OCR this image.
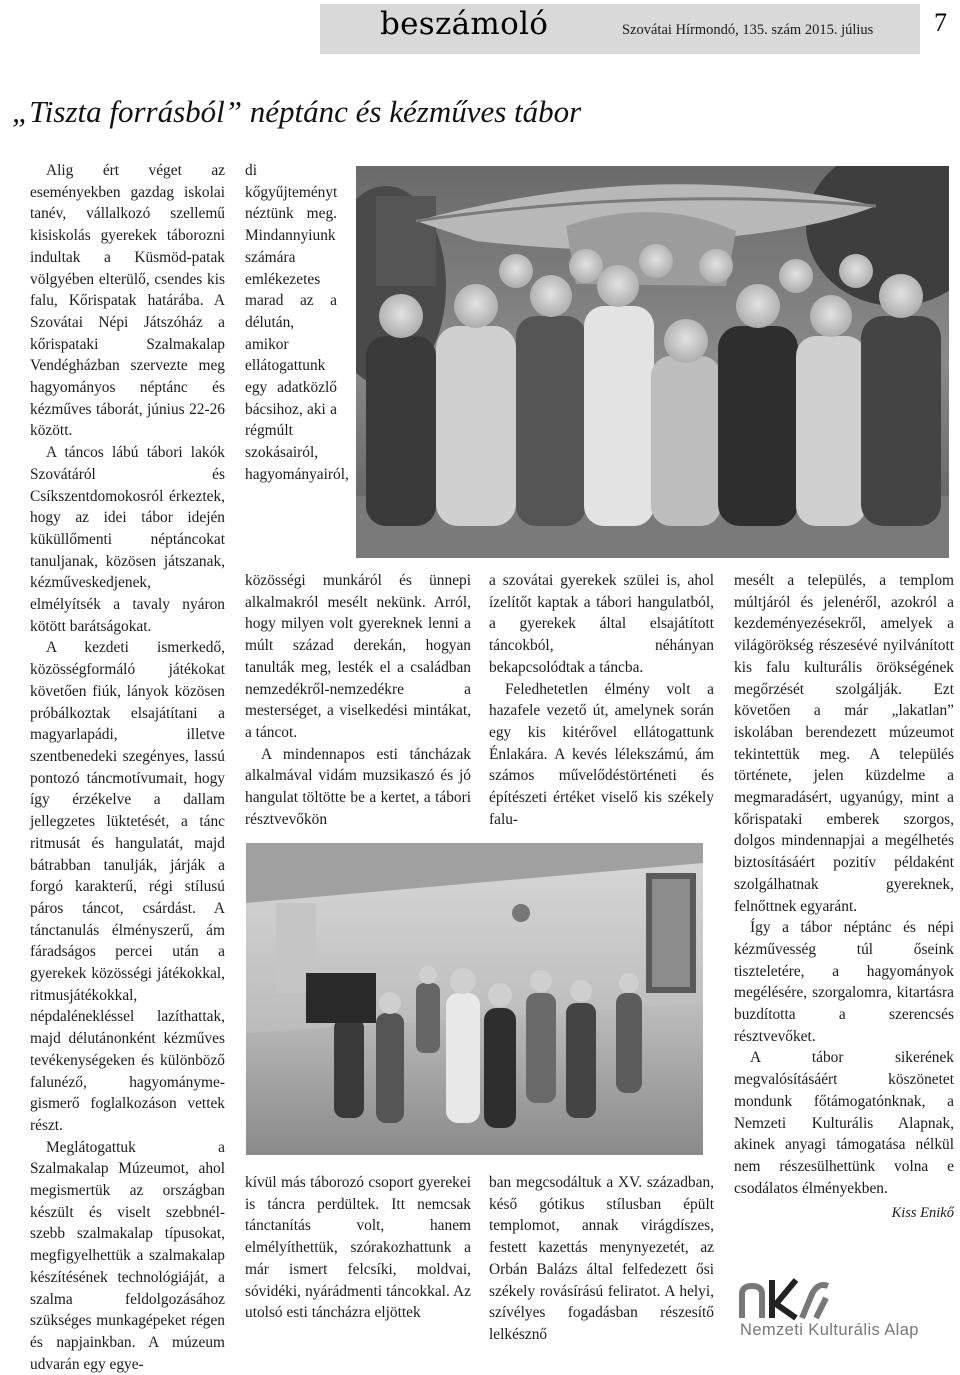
beszámoló	Szovátai Hírmondó, 135. szám 2015. július 7
„Tiszta forrásból” néptánc és kézműves tábor

Alig ért véget az eseményekben gazdag iskolai tanév, vállalkozó szellemű kisiskolás gyerekek táborozni indultak a Küsmöd-patak völgyében elterülő, csendes kis falu, Kőrispatak határába. A Szovátai Népi Játszóház a kőrispataki Szalmakalap Vendégházban szervezte meg hagyományos néptánc és kézműves táborát, június 22-26 között.

A táncos lábú tábori lakók Szovátáról és Csíkszentdomokosról érkeztek, hogy az idei tábor idején küküllőmenti néptáncokat tanuljanak, közösen játszanak, kézműveskedjenek, elmélyítsék a tavaly nyáron kötött barátságokat.

A kezdeti ismerkedő, közösségformáló játékokat követően fiúk, lányok közösen próbálkoztak elsajátítani a magyarlapádi, illetve szentbenedeki szegényes, lassú pontozó táncmotívumait, hogy így érzékelve a dallam jellegzetes lüktetését, a tánc ritmusát és hangulatát, majd bátrabban tanulják, járják a forgó karakterű, régi stílusú páros táncot, csárdást. A tánctanulás élményszerű, ám fáradságos percei után a gyerekek közösségi játékokkal, ritmusjátékokkal, népdalénekléssel lazíthattak, majd délutánonként kézműves tevékenységeken és különböző falunéző, hagyománymegismerő foglalkozáson vettek részt.

Meglátogattuk a Szalmakalap Múzeumot, ahol megismertük az országban készült és viselt szebbnél-szebb szalmakalap típusokat, megfigyelhettük a szalmakalap készítésének technológiáját, a szalma feldolgozásához szükséges munkagépeket régen és napjainkban. A múzeum udvarán egy egye-

di kőgyűjteményt néztünk meg. Mindannyiunk számára emlékezetes marad az a délután, amikor ellátogattunk egy adatközlő bácsihoz, aki a régmúlt szokásairól, hagyományairól,

közösségi munkáról és ünnepi alkalmakról mesélt nekünk. Arról, hogy milyen volt gyereknek lenni a múlt század derekán, hogyan tanulták meg, lesték el a családban nemzedékről-nemzedékre a mesterséget, a viselkedési mintákat, a táncot.

A mindennapos esti táncházak alkalmával vidám muzsikaszó és jó hangulat töltötte be a kertet, a tábori résztvevőkön

a szovátai gyerekek szülei is, ahol ízelítőt kaptak a tábori hangulatból, a gyerekek által elsajátított táncokból, néhányan bekapcsolódtak a táncba.

Feledhetetlen élmény volt a hazafele vezető út, amelynek során egy kis kitérővel ellátogattunk Énlakára. A kevés lélekszámú, ám számos művelődéstörténeti és építészeti értéket viselő kis székely falu-

kívül más táborozó csoport gyerekei is táncra perdültek. Itt nemcsak tánctanítás volt, hanem elmélyíthettük, szórakozhattunk a már ismert felcsíki, moldvai, sóvidéki, nyárádmenti táncokkal. Az utolsó esti táncházra eljöttek

ban megcsodáltuk a XV. században, késő gótikus stílusban épült templomot, annak virágdíszes, festett kazettás menynyezetét, az Orbán Balázs által felfedezett ősi székely rovásírású feliratot. A helyi, szívélyes fogadásban részesítő lelkésznő

mesélt a település, a templom múltjáról és jelenéről, azokról a kezdeményezésekről, amelyek a világörökség részesévé nyilvánított kis falu kulturális örökségének megőrzését szolgálják. Ezt követően a már „lakatlan” iskolában berendezett múzeumot tekintettük meg. A település története, jelen küzdelme a megmaradásért, ugyanúgy, mint a kőrispataki emberek szorgos, dolgos mindennapjai a megélhetés biztosításáért pozitív példaként szolgálhatnak gyereknek, felnőttnek egyaránt.

Így a tábor néptánc és népi kézművesség túl őseink tiszteletére, a hagyományok megélésére, szorgalomra, kitartásra buzdította a szerencsés résztvevőket.

A tábor sikerének megvalósításáért köszönetet mondunk főtámogatónknak, a Nemzeti Kulturális Alapnak, akinek anyagi támogatása nélkül nem részesülhettünk volna e csodálatos élményekben.

Kiss Enikő
Nemzeti Kulturális Alap
